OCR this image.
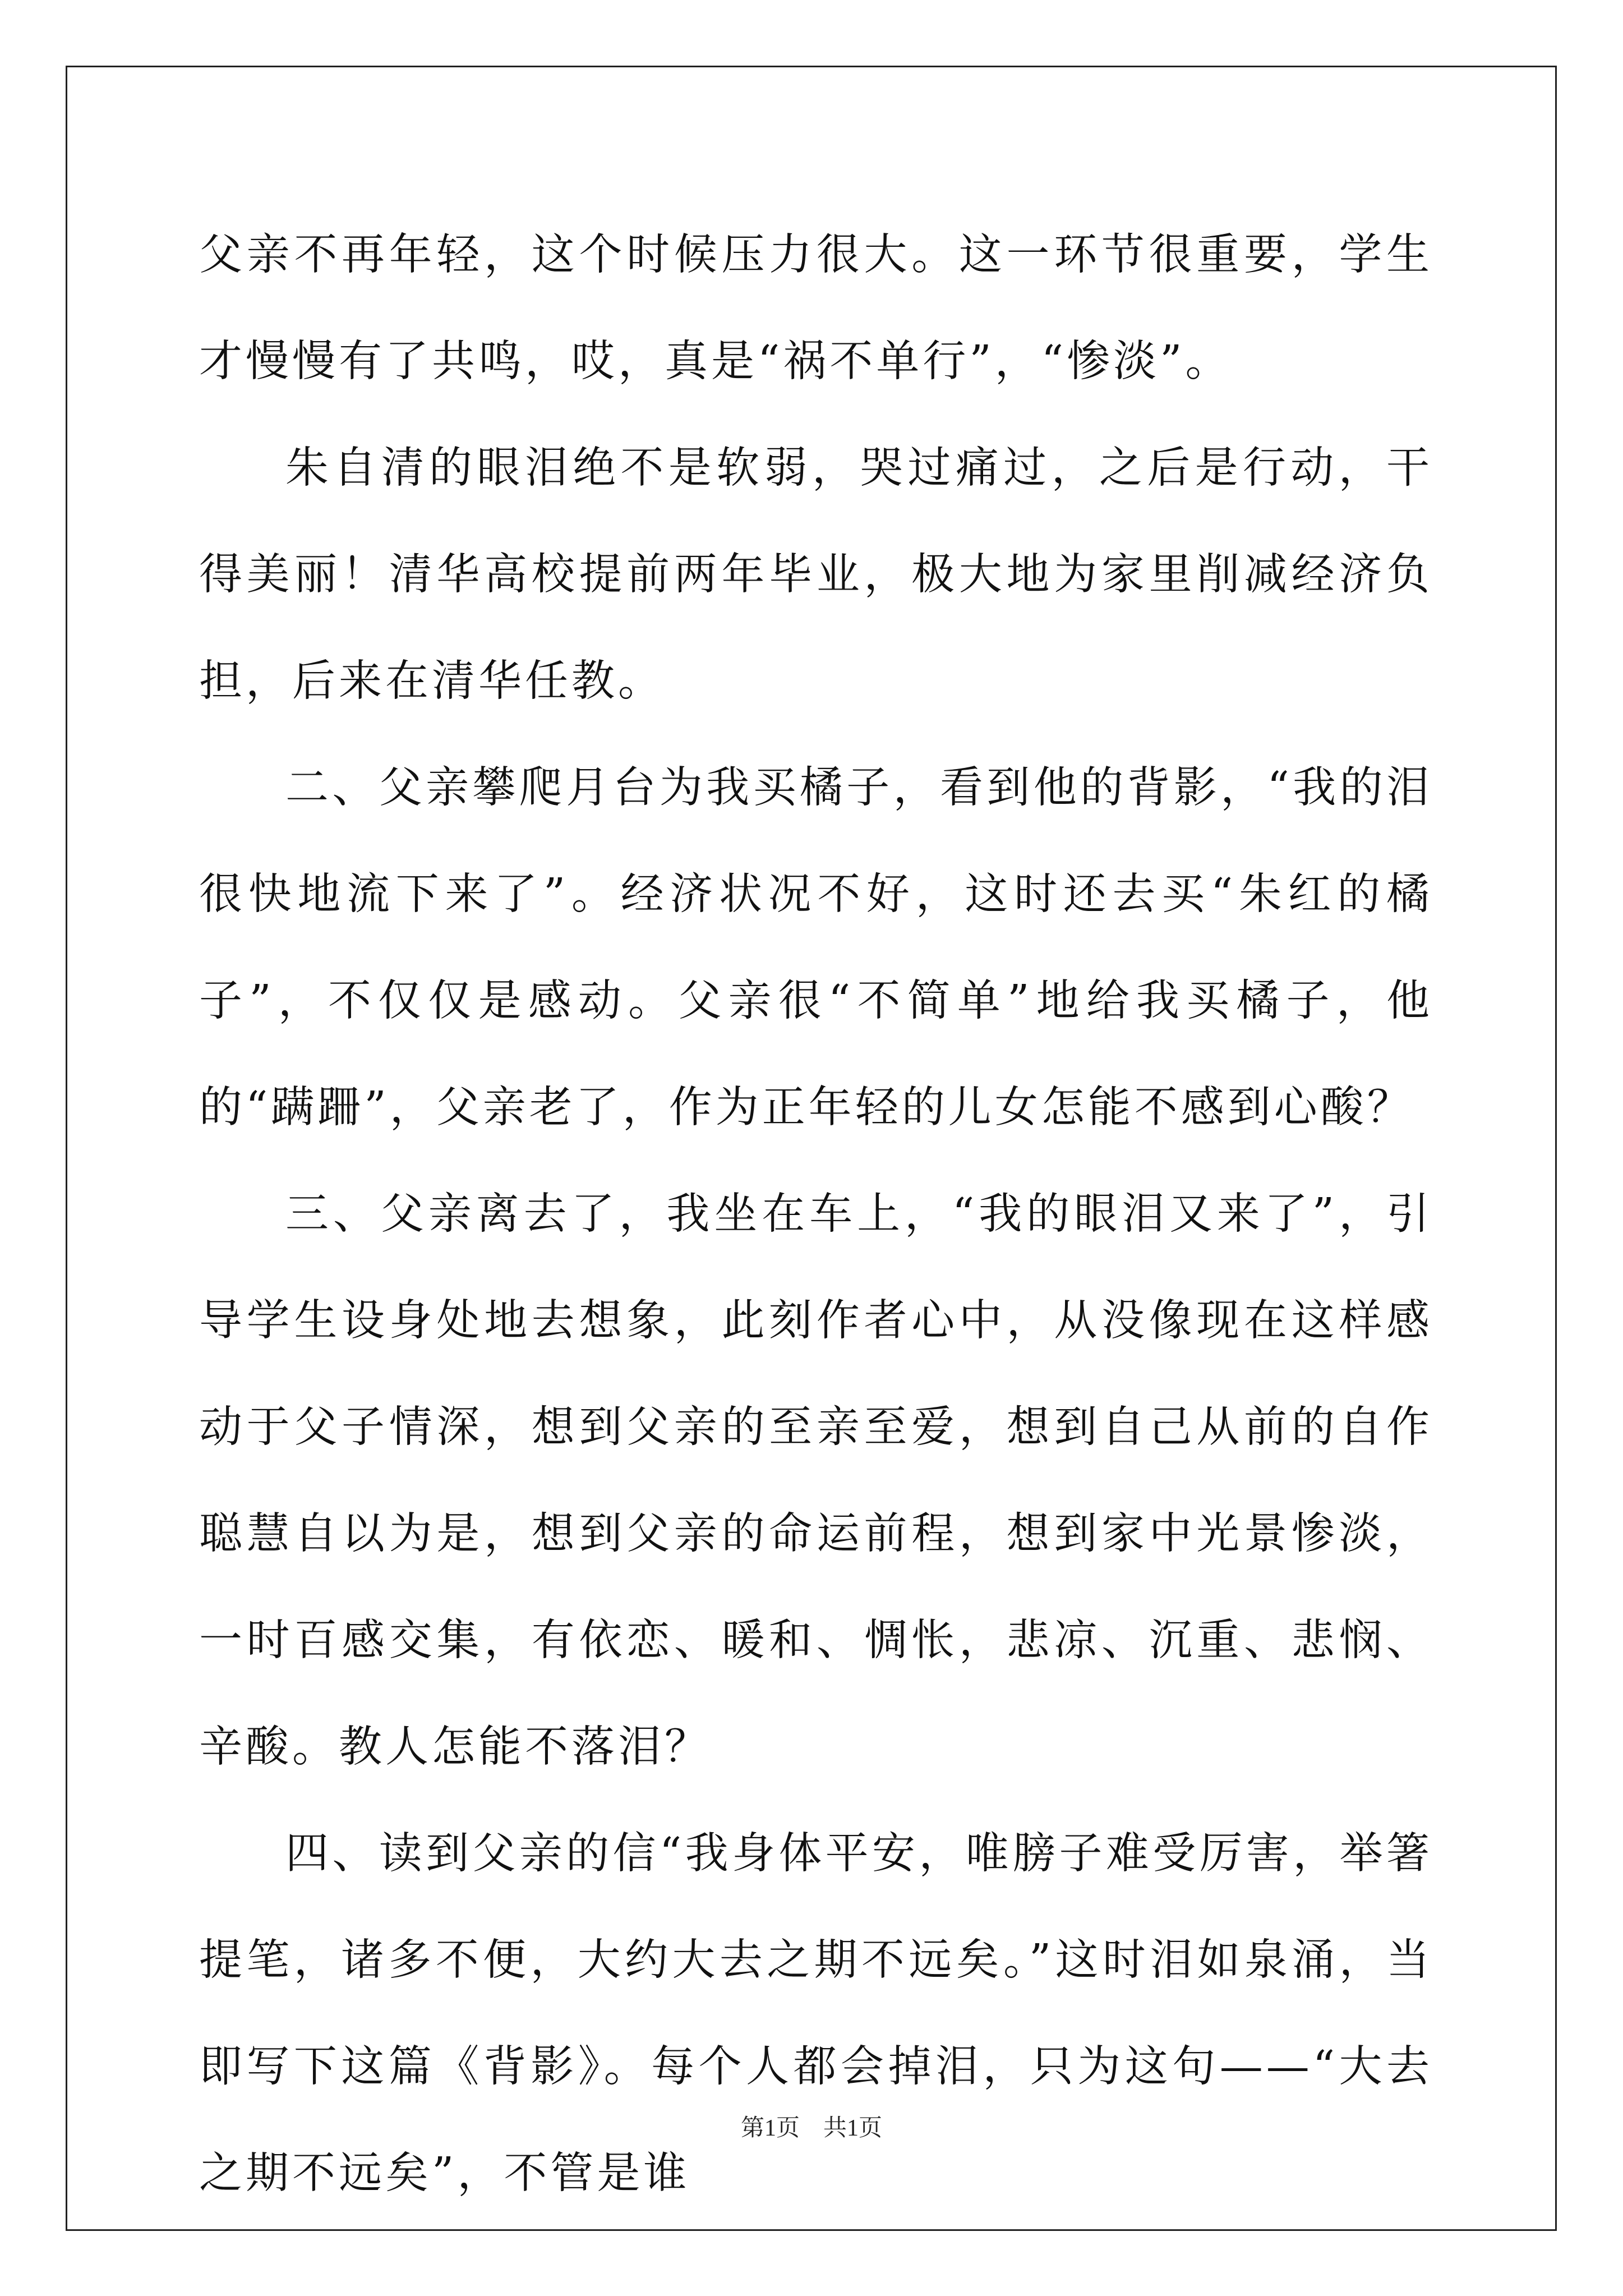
父亲不再年轻，这个时候压力很大。这一环节很重要，学生才慢慢有了共鸣，哎，真是“祸不单行”，“惨淡”。

朱自清的眼泪绝不是软弱，哭过痛过，之后是行动，干得美丽！清华高校提前两年毕业，极大地为家里削减经济负担，后来在清华任教。

二、父亲攀爬月台为我买橘子，看到他的背影，“我的泪很快地流下来了”。经济状况不好，这时还去买“朱红的橘子”，不仅仅是感动。父亲很“不简单”地给我买橘子，他的“蹒跚”，父亲老了，作为正年轻的儿女怎能不感到心酸？

三、父亲离去了，我坐在车上，“我的眼泪又来了”，引导学生设身处地去想象，此刻作者心中，从没像现在这样感动于父子情深，想到父亲的至亲至爱，想到自己从前的自作聪慧自以为是，想到父亲的命运前程，想到家中光景惨淡，一时百感交集，有依恋、暖和、惆怅，悲凉、沉重、悲悯、辛酸。教人怎能不落泪？

四、读到父亲的信“我身体平安，唯膀子难受厉害，举箸提笔，诸多不便，大约大去之期不远矣。”这时泪如泉涌，当即写下这篇《背影》。每个人都会掉泪，只为这句——“大去之期不远矣”，不管是谁

第1页　共1页
